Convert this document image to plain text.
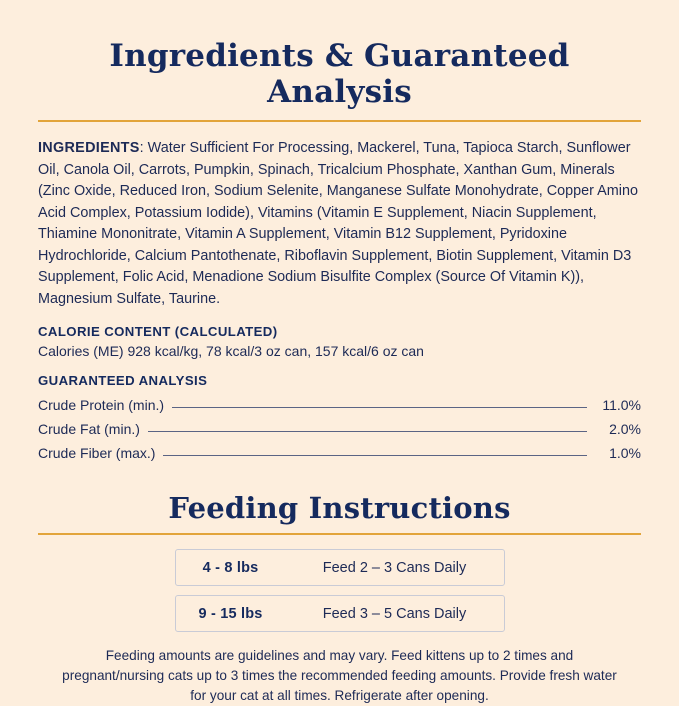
Ingredients & Guaranteed Analysis

INGREDIENTS: Water Sufficient For Processing, Mackerel, Tuna, Tapioca Starch, Sunflower Oil, Canola Oil, Carrots, Pumpkin, Spinach, Tricalcium Phosphate, Xanthan Gum, Minerals (Zinc Oxide, Reduced Iron, Sodium Selenite, Manganese Sulfate Monohydrate, Copper Amino Acid Complex, Potassium Iodide), Vitamins (Vitamin E Supplement, Niacin Supplement, Thiamine Mononitrate, Vitamin A Supplement, Vitamin B12 Supplement, Pyridoxine Hydrochloride, Calcium Pantothenate, Riboflavin Supplement, Biotin Supplement, Vitamin D3 Supplement, Folic Acid, Menadione Sodium Bisulfite Complex (Source Of Vitamin K)), Magnesium Sulfate, Taurine.

CALORIE CONTENT (CALCULATED)

Calories (ME) 928 kcal/kg, 78 kcal/3 oz can, 157 kcal/6 oz can

GUARANTEED ANALYSIS
Crude Protein (min.)	11.0%
Crude Fat (min.)	2.0%
Crude Fiber (max.)	1.0%
Feeding Instructions
4 - 8 lbs	Feed 2 – 3 Cans Daily
9 - 15 lbs	Feed 3 – 5 Cans Daily

Feeding amounts are guidelines and may vary. Feed kittens up to 2 times and pregnant/nursing cats up to 3 times the recommended feeding amounts. Provide fresh water for your cat at all times. Refrigerate after opening.
